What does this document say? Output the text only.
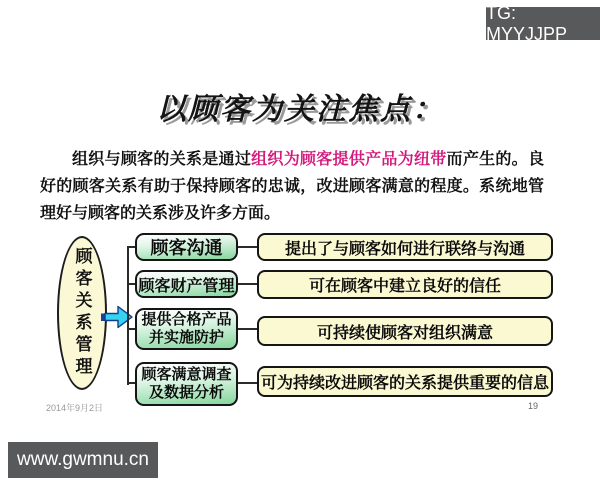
TG: MYYJJPP
www.gwmnu.cn
以顾客为关注焦点：

组织与顾客的关系是通过组织为顾客提供产品为纽带而产生的。良好的顾客关系有助于保持顾客的忠诚，改进顾客满意的程度。系统地管理好与顾客的关系涉及许多方面。

顾客关系管理	顾客沟通
顾客财产管理
提供合格产品并实施防护
顾客满意调查及数据分析
提出了与顾客如何进行联络与沟通
可在顾客中建立良好的信任
可持续使顾客对组织满意
可为持续改进顾客的关系提供重要的信息
2014年9月2日	19
